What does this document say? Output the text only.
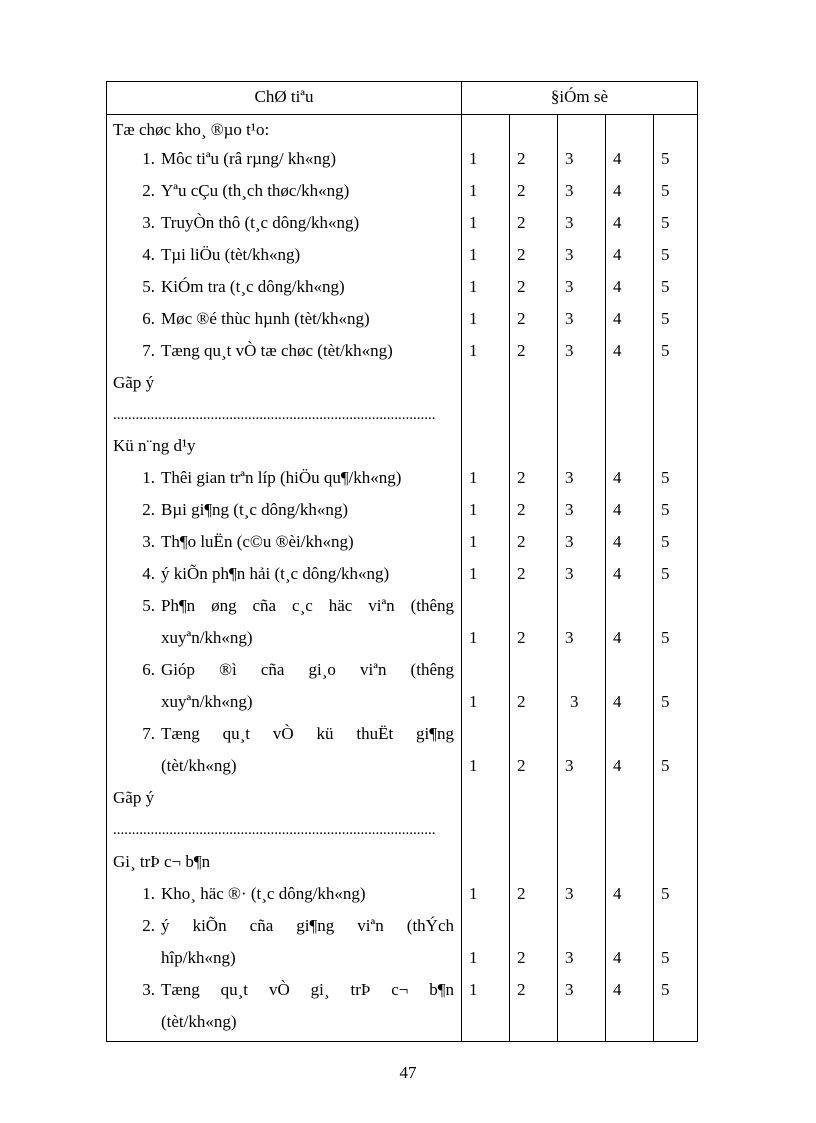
ChØ tiªu	§iÓm sè
Tæ chøc kho¸ ®µo t¹o:
1. Môc tiªu (râ rµng/ kh«ng)	1	2	3	4	5
2. Yªu cÇu (th¸ch thøc/kh«ng)	1	2	3	4	5
3. TruyÒn thô (t¸c dông/kh«ng)	1	2	3	4	5
4. Tµi liÖu (tèt/kh«ng)	1	2	3	4	5
5. KiÓm tra (t¸c dông/kh«ng)	1	2	3	4	5
6. Møc ®é thùc hµnh (tèt/kh«ng)	1	2	3	4	5
7. Tæng qu¸t vÒ tæ chøc (tèt/kh«ng)	1	2	3	4	5
Gãp ý
......................................................................................
Kü n¨ng d¹y
1. Thêi gian trªn líp (hiÖu qu¶/kh«ng)	1	2	3	4	5
2. Bµi gi¶ng (t¸c dông/kh«ng)	1	2	3	4	5
3. Th¶o luËn (c©u ®èi/kh«ng)	1	2	3	4	5
4. ý kiÕn ph¶n hải (t¸c dông/kh«ng)	1	2	3	4	5
5. Ph¶n øng cña c¸c häc viªn (thêng
xuyªn/kh«ng)	1	2	3	4	5
6. Gióp ®ì cña gi¸o viªn (thêng
xuyªn/kh«ng)	1	2	3	4	5
7. Tæng qu¸t vÒ kü thuËt gi¶ng
(tèt/kh«ng)	1	2	3	4	5
Gãp ý
......................................................................................
Gi¸ trÞ c¬ b¶n
1. Kho¸ häc ®· (t¸c dông/kh«ng)	1	2	3	4	5
2. ý kiÕn cña gi¶ng viªn (thÝch
hîp/kh«ng)	1	2	3	4	5
3. Tæng qu¸t vÒ gi¸ trÞ c¬ b¶n
(tèt/kh«ng)
1	2	3	4	5
47
